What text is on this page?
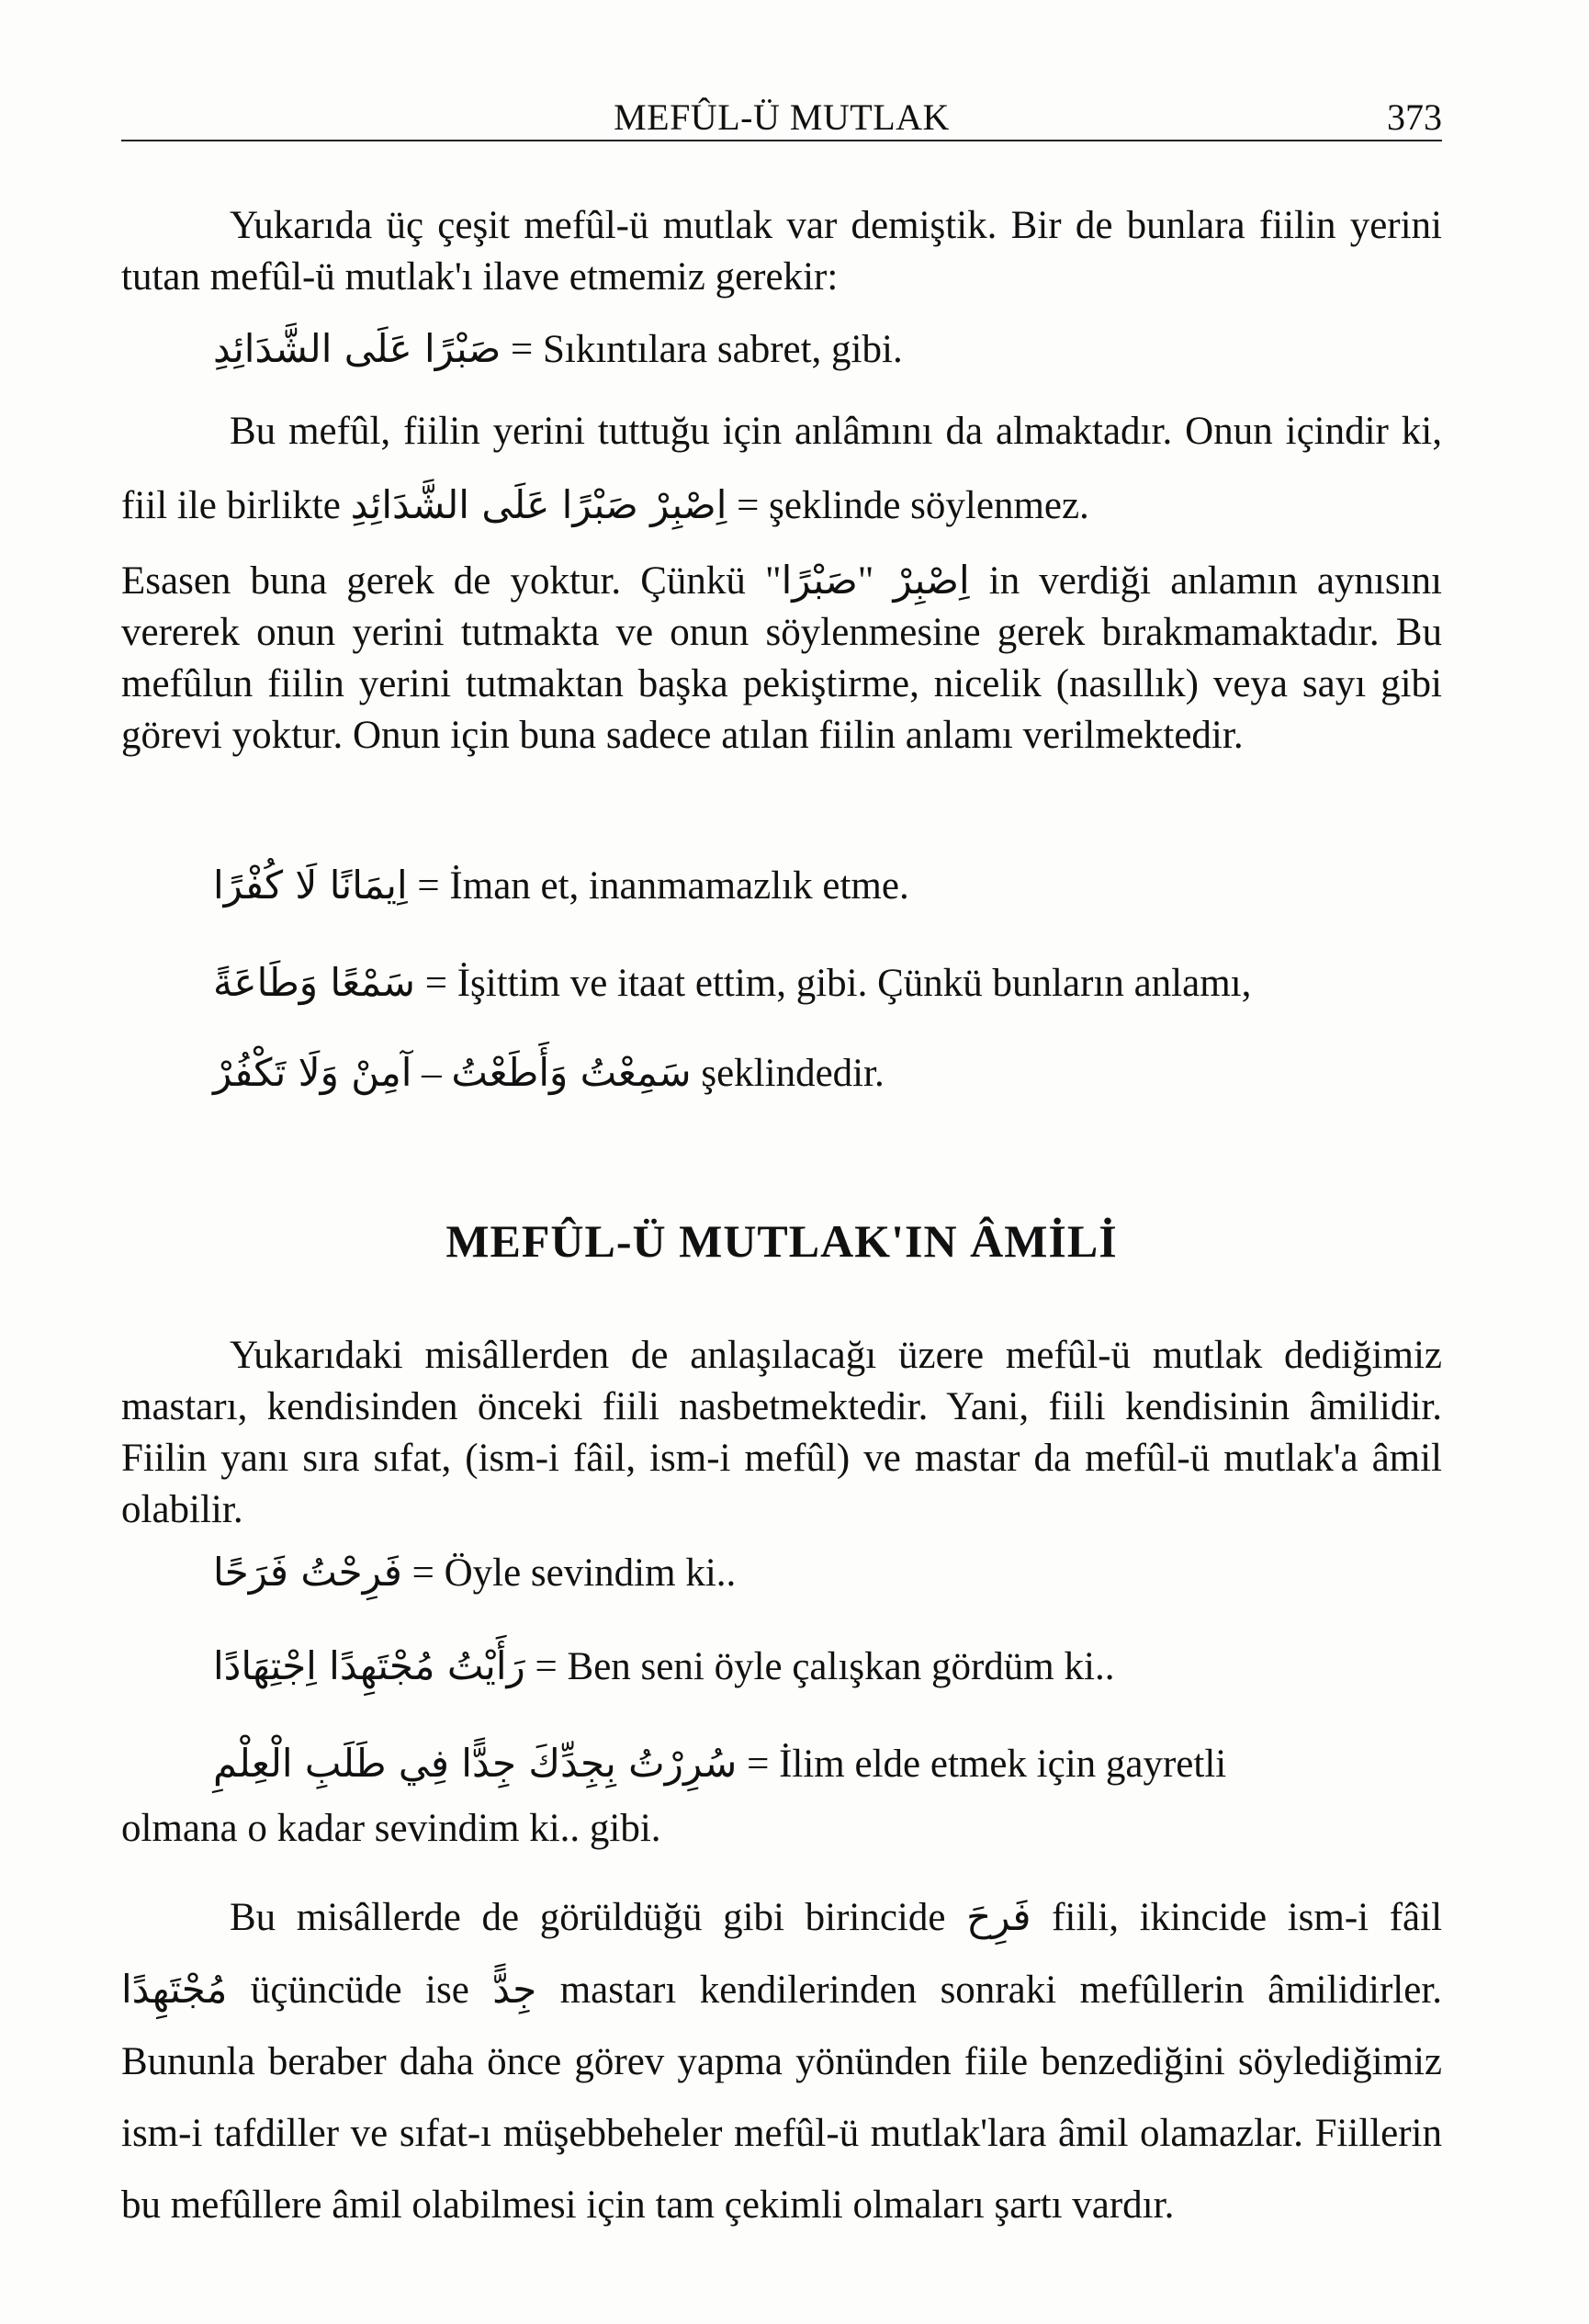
MEFÛL-Ü MUTLAK	373

Yukarıda üç çeşit mefûl-ü mutlak var demiştik. Bir de bunlara fiilin yerini tutan mefûl-ü mutlak'ı ilave etmemiz gerekir:

صَبْرًا عَلَى الشَّدَائِدِ = Sıkıntılara sabret, gibi.

Bu mefûl, fiilin yerini tuttuğu için anlâmını da almaktadır. Onun içindir ki, fiil ile birlikte اِصْبِرْ صَبْرًا عَلَى الشَّدَائِدِ = şeklinde söylenmez.

Esasen buna gerek de yoktur. Çünkü "صَبْرًا" اِصْبِرْ in verdiği anlamın aynısını vererek onun yerini tutmakta ve onun söylenmesine gerek bırakmamaktadır. Bu mefûlun fiilin yerini tutmaktan başka pekiştirme, nicelik (nasıllık) veya sayı gibi görevi yoktur. Onun için buna sadece atılan fiilin anlamı verilmektedir.

اِيمَانًا لَا كُفْرًا = İman et, inanmamazlık etme.
سَمْعًا وَطَاعَةً = İşittim ve itaat ettim, gibi. Çünkü bunların anlamı,
آمِنْ وَلَا تَكْفُرْ – سَمِعْتُ وَأَطَعْتُ şeklindedir.
MEFÛL-Ü MUTLAK'IN ÂMİLİ

Yukarıdaki misâllerden de anlaşılacağı üzere mefûl-ü mutlak dediğimiz mastarı, kendisinden önceki fiili nasbetmektedir. Yani, fiili kendisinin âmilidir. Fiilin yanı sıra sıfat, (ism-i fâil, ism-i mefûl) ve mastar da mefûl-ü mutlak'a âmil olabilir.

فَرِحْتُ فَرَحًا = Öyle sevindim ki..
رَأَيْتُ مُجْتَهِدًا اِجْتِهَادًا = Ben seni öyle çalışkan gördüm ki..
سُرِرْتُ بِجِدِّكَ جِدًّا فِي طَلَبِ الْعِلْمِ = İlim elde etmek için gayretli

olmana o kadar sevindim ki.. gibi.

Bu misâllerde de görüldüğü gibi birincide فَرِحَ fiili, ikincide ism-i fâil مُجْتَهِدًا üçüncüde ise جِدًّ mastarı kendilerinden sonraki mefûllerin âmilidirler. Bununla beraber daha önce görev yapma yönünden fiile benzediğini söylediğimiz ism-i tafdiller ve sıfat-ı müşebbeheler mefûl-ü mutlak'lara âmil olamazlar. Fiillerin bu mefûllere âmil olabilmesi için tam çekimli olmaları şartı vardır.
